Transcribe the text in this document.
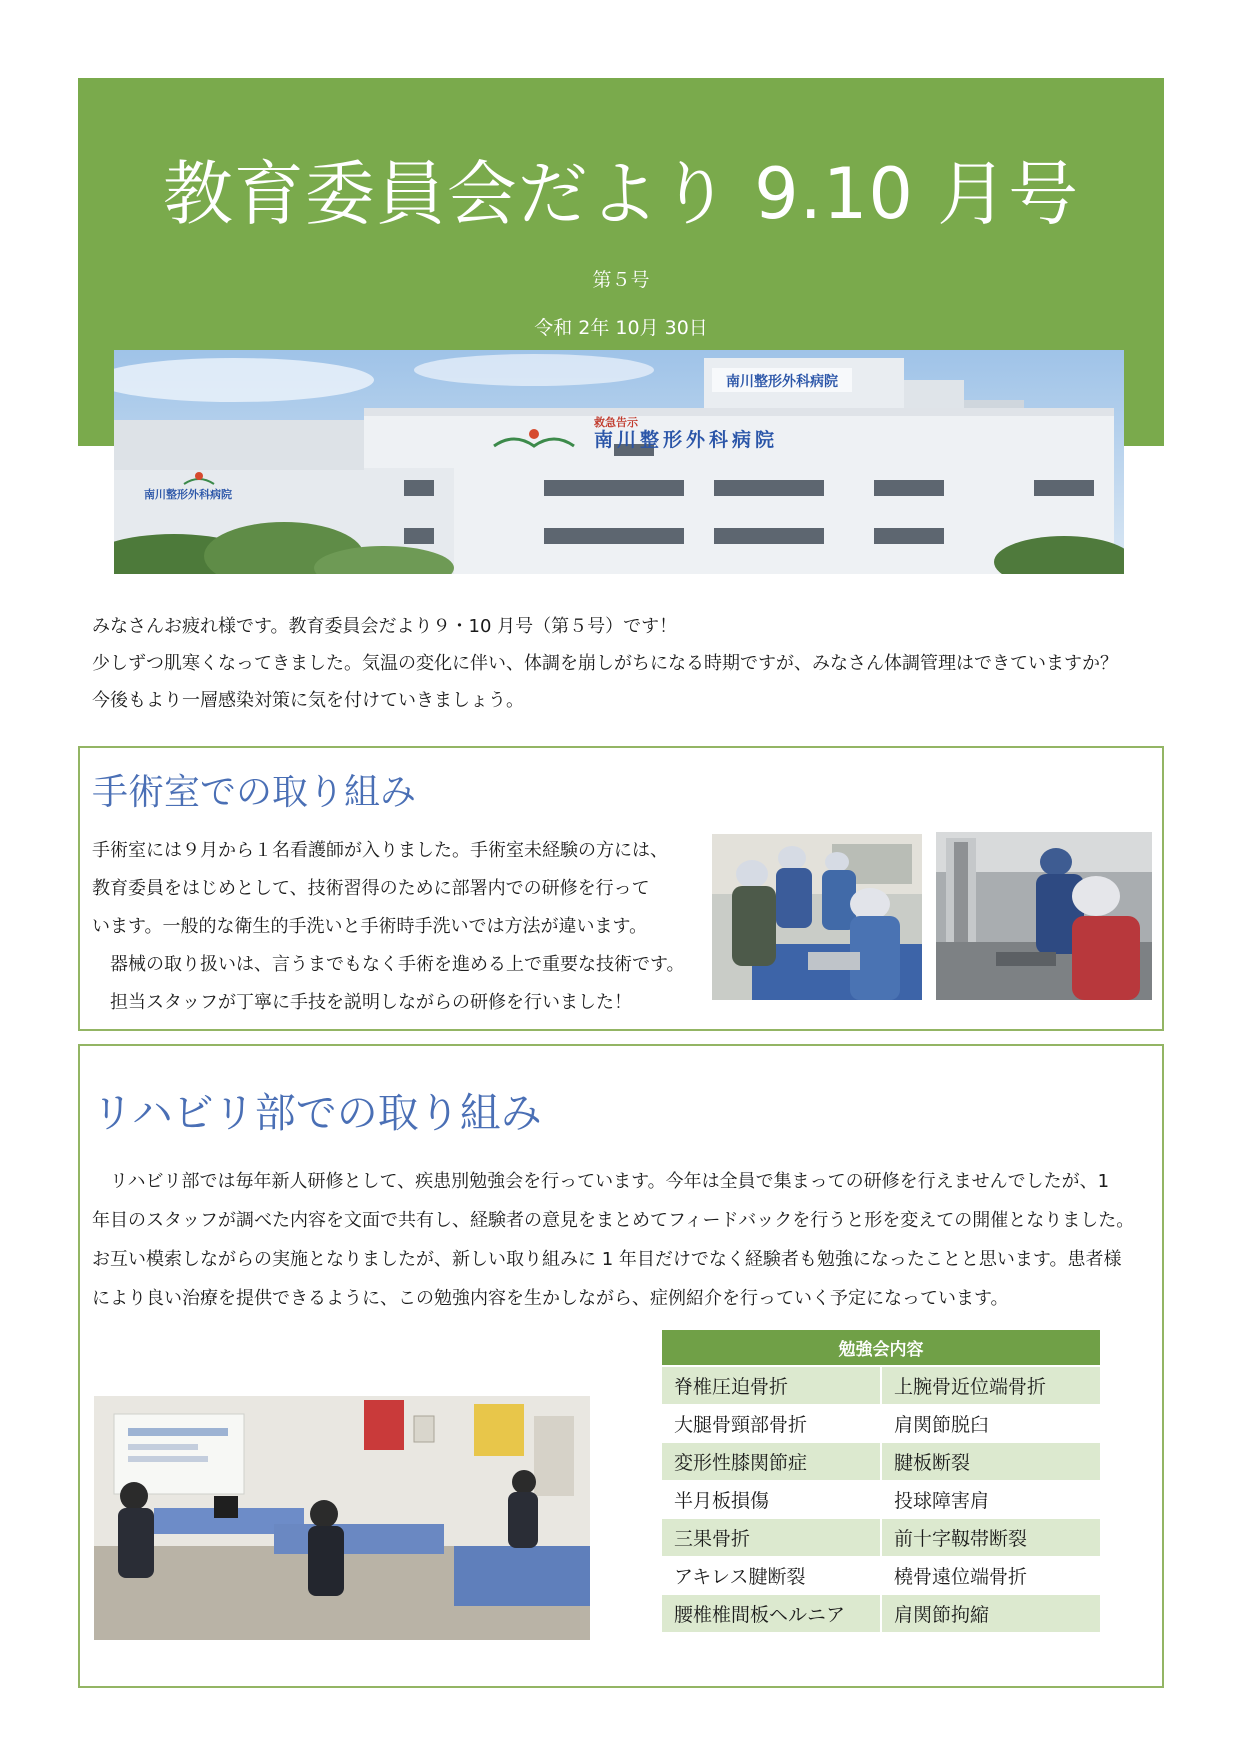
教育委員会だより 9.10 月号
第５号
令和 2年 10月 30日
南川整形外科病院
救急告示
南川整形外科病院
南川整形外科病院
みなさんお疲れ様です。教育委員会だより９・10 月号（第５号）です！
少しずつ肌寒くなってきました。気温の変化に伴い、体調を崩しがちになる時期ですが、みなさん体調管理はできていますか？
今後もより一層感染対策に気を付けていきましょう。
手術室での取り組み
手術室には９月から１名看護師が入りました。手術室未経験の方には、
教育委員をはじめとして、技術習得のために部署内での研修を行って
います。一般的な衛生的手洗いと手術時手洗いでは方法が違います。
　器械の取り扱いは、言うまでもなく手術を進める上で重要な技術です。
　担当スタッフが丁寧に手技を説明しながらの研修を行いました！
リハビリ部での取り組み
　リハビリ部では毎年新人研修として、疾患別勉強会を行っています。今年は全員で集まっての研修を行えませんでしたが、1
年目のスタッフが調べた内容を文面で共有し、経験者の意見をまとめてフィードバックを行うと形を変えての開催となりました。
お互い模索しながらの実施となりましたが、新しい取り組みに 1 年目だけでなく経験者も勉強になったことと思います。患者様
により良い治療を提供できるように、この勉強内容を生かしながら、症例紹介を行っていく予定になっています。
勉強会内容	
脊椎圧迫骨折	上腕骨近位端骨折
大腿骨頸部骨折	肩関節脱臼
変形性膝関節症	腱板断裂
半月板損傷	投球障害肩
三果骨折	前十字靱帯断裂
アキレス腱断裂	橈骨遠位端骨折
腰椎椎間板ヘルニア	肩関節拘縮
